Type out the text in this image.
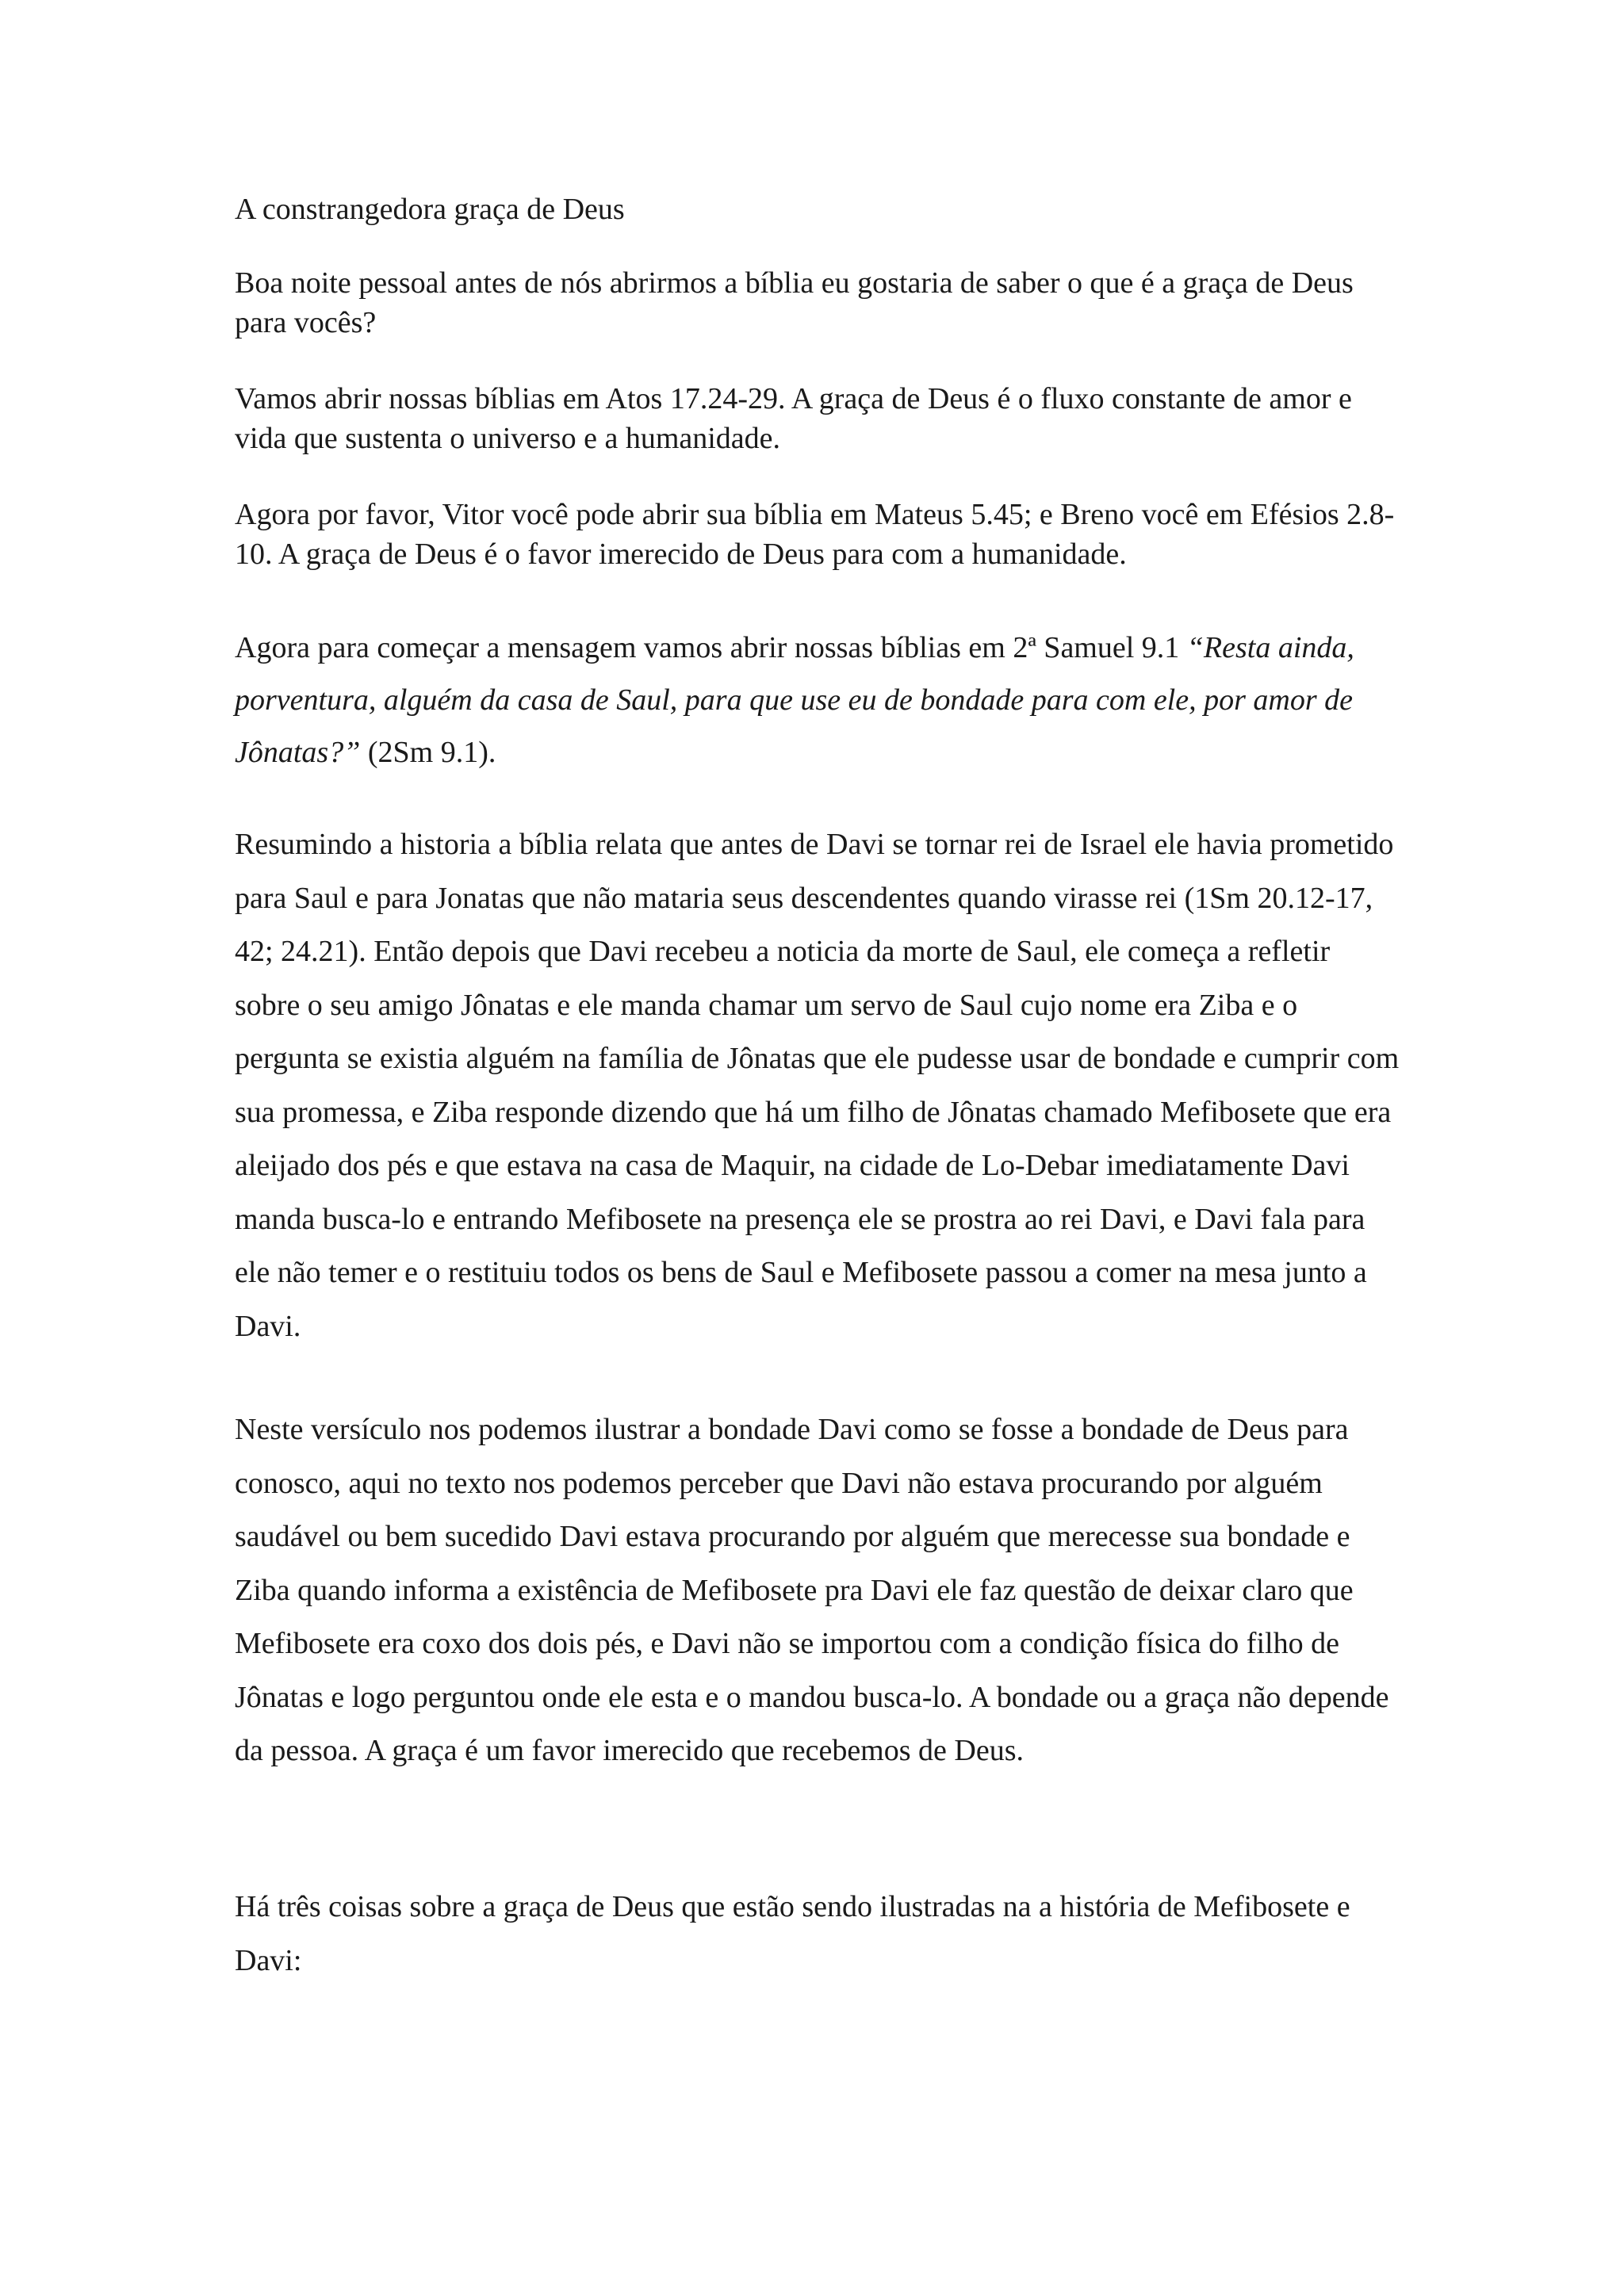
A constrangedora graça de Deus

Boa noite pessoal antes de nós abrirmos a bíblia eu gostaria de saber o que é a graça de Deus para vocês?

Vamos abrir nossas bíblias em Atos 17.24-29. A graça de Deus é o fluxo constante de amor e vida que sustenta o universo e a humanidade.

Agora por favor, Vitor você pode abrir sua bíblia em Mateus 5.45; e Breno você em Efésios 2.8-10. A graça de Deus é o favor imerecido de Deus para com a humanidade.

Agora para começar a mensagem vamos abrir nossas bíblias em 2ª Samuel 9.1 “Resta ainda, porventura, alguém da casa de Saul, para que use eu de bondade para com ele, por amor de Jônatas?” (2Sm 9.1).

Resumindo a historia a bíblia relata que antes de Davi se tornar rei de Israel ele havia prometido para Saul e para Jonatas que não mataria seus descendentes quando virasse rei (1Sm 20.12-17, 42; 24.21). Então depois que Davi recebeu a noticia da morte de Saul, ele começa a refletir sobre o seu amigo Jônatas e ele manda chamar um servo de Saul cujo nome era Ziba e o pergunta se existia alguém na família de Jônatas que ele pudesse usar de bondade e cumprir com sua promessa, e Ziba responde dizendo que há um filho de Jônatas chamado Mefibosete que era aleijado dos pés e que estava na casa de Maquir, na cidade de Lo-Debar imediatamente Davi manda busca-lo e entrando Mefibosete na presença ele se prostra ao rei Davi, e Davi fala para ele não temer e o restituiu todos os bens de Saul e Mefibosete passou a comer na mesa junto a Davi.

Neste versículo nos podemos ilustrar a bondade Davi como se fosse a bondade de Deus para conosco, aqui no texto nos podemos perceber que Davi não estava procurando por alguém saudável ou bem sucedido Davi estava procurando por alguém que merecesse sua bondade e Ziba quando informa a existência de Mefibosete pra Davi ele faz questão de deixar claro que Mefibosete era coxo dos dois pés, e Davi não se importou com a condição física do filho de Jônatas e logo perguntou onde ele esta e o mandou busca-lo. A bondade ou a graça não depende da pessoa. A graça é um favor imerecido que recebemos de Deus.

Há três coisas sobre a graça de Deus que estão sendo ilustradas na a história de Mefibosete e Davi:
